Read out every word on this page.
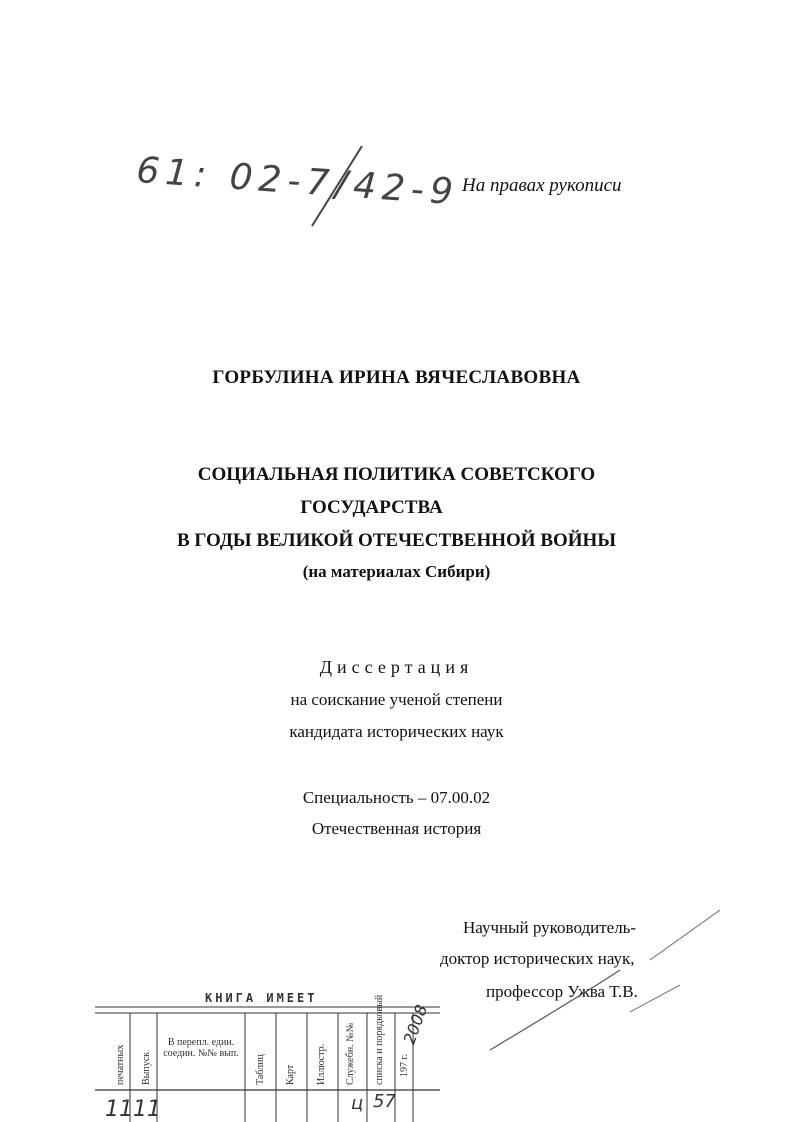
61: 02-7/42-9 На правах рукописи
ГОРБУЛИНА ИРИНА ВЯЧЕСЛАВОВНА
СОЦИАЛЬНАЯ ПОЛИТИКА СОВЕТСКОГО
ГОСУДАРСТВА
В ГОДЫ ВЕЛИКОЙ ОТЕЧЕСТВЕННОЙ ВОЙНЫ
(на материалах Сибири)
Диссертация
на соискание ученой степени
кандидата исторических наук
Специальность – 07.00.02
Отечественная история
Научный руководитель-
доктор исторических наук,
профессор Ужва Т.В.
КНИГА ИМЕЕТ
печатных Выпуск
В перепл. един. соедин. №№ вып.
Таблиц Карт Иллюстр. Служебн. №№ списка и порядковый 197 г.
2008
11 11	ц 57
